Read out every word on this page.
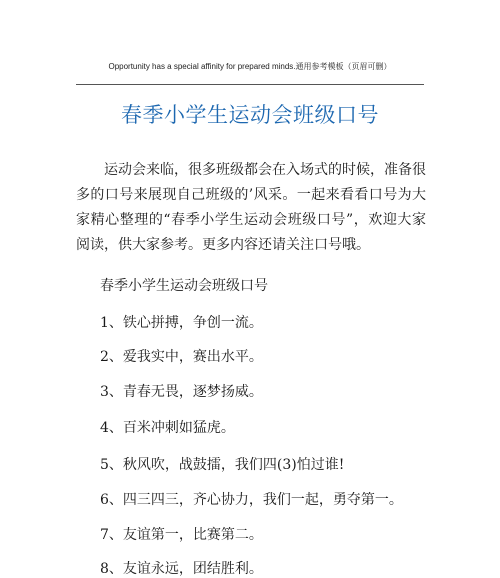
Opportunity has a special affinity for prepared minds.通用参考模板（页眉可删）
春季小学生运动会班级口号

运动会来临，很多班级都会在入场式的时候，准备很多的口号来展现自己班级的’风采。一起来看看口号为大家精心整理的“春季小学生运动会班级口号”，欢迎大家阅读，供大家参考。更多内容还请关注口号哦。

春季小学生运动会班级口号
1、铁心拼搏，争创一流。
2、爱我实中，赛出水平。
3、青春无畏，逐梦扬威。
4、百米冲刺如猛虎。
5、秋风吹，战鼓擂，我们四(3)怕过谁!
6、四三四三，齐心协力，我们一起，勇夺第一。
7、友谊第一，比赛第二。
8、友谊永远，团结胜利。
